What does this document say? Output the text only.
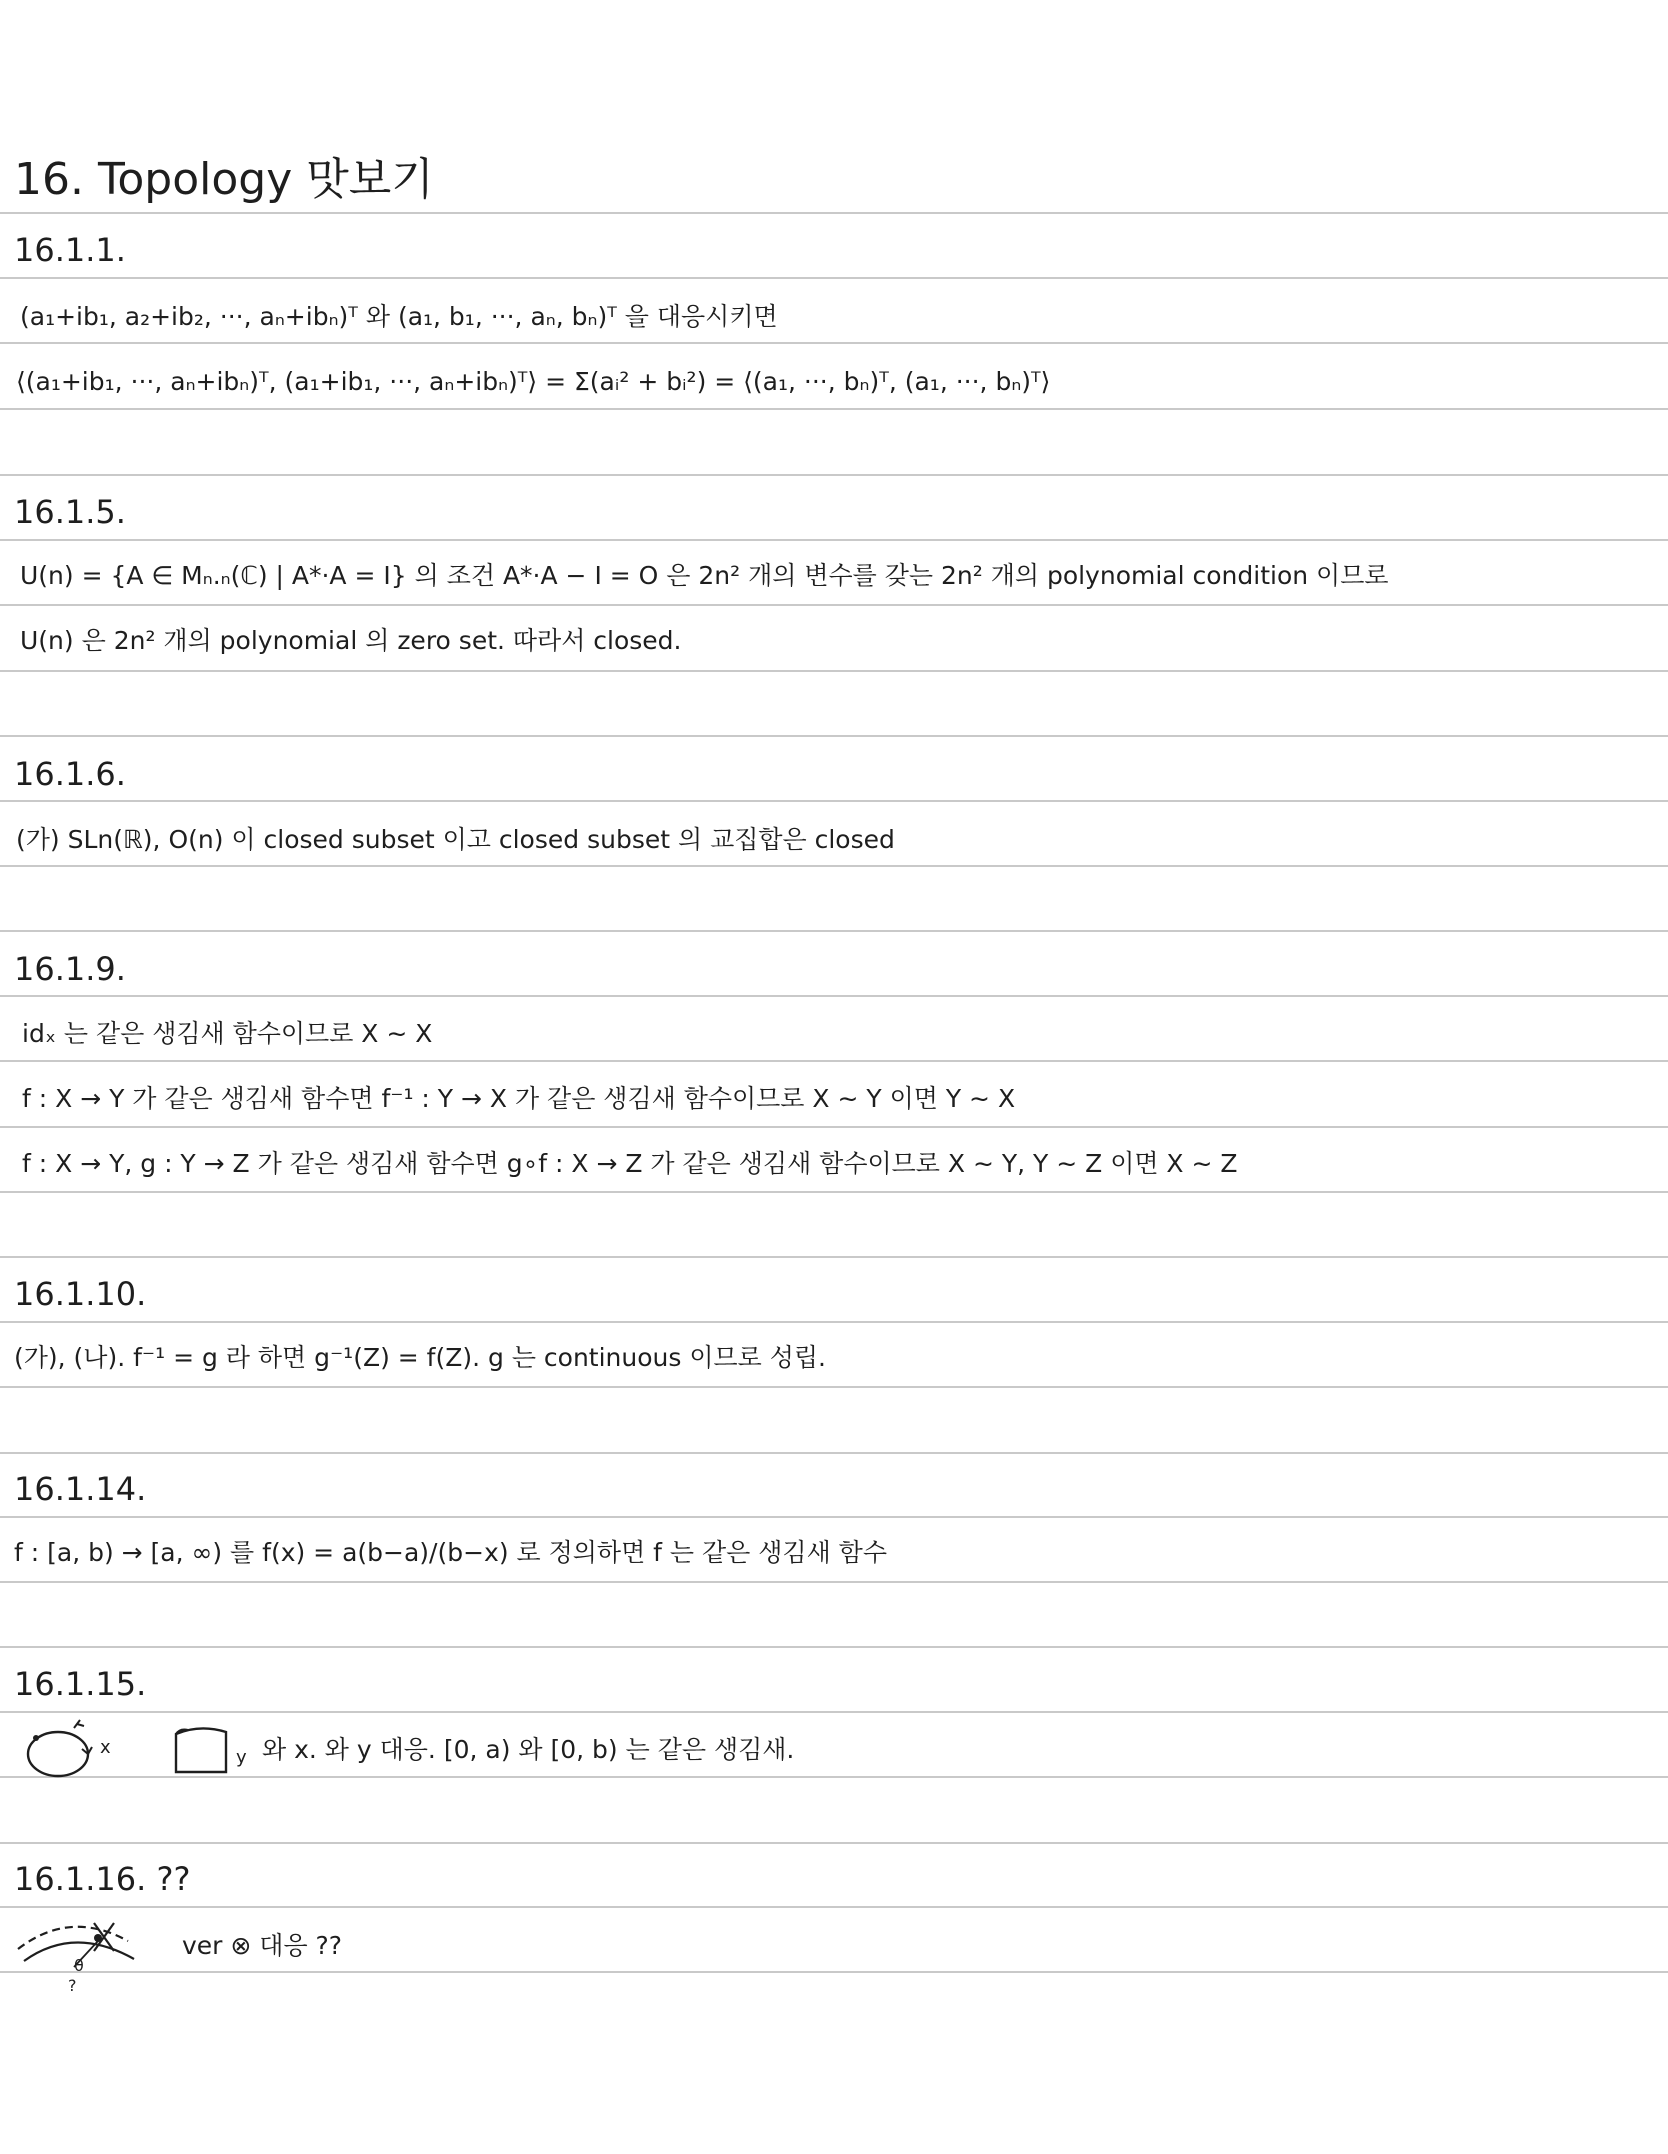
16. Topology 맛보기
16.1.1.
(a₁+ib₁, a₂+ib₂, ···, aₙ+ibₙ)ᵀ 와 (a₁, b₁, ···, aₙ, bₙ)ᵀ 을 대응시키면
⟨(a₁+ib₁, ···, aₙ+ibₙ)ᵀ, (a₁+ib₁, ···, aₙ+ibₙ)ᵀ⟩ = Σ(aᵢ² + bᵢ²) = ⟨(a₁, ···, bₙ)ᵀ, (a₁, ···, bₙ)ᵀ⟩
16.1.5.
U(n) = {A ∈ Mₙ.ₙ(ℂ) | A*·A = I} 의 조건 A*·A − I = O 은 2n² 개의 변수를 갖는 2n² 개의 polynomial condition 이므로
U(n) 은 2n² 개의 polynomial 의 zero set. 따라서 closed.
16.1.6.
(가) SLn(ℝ), O(n) 이 closed subset 이고 closed subset 의 교집합은 closed
16.1.9.
idₓ 는 같은 생김새 함수이므로 X ∼ X
f : X → Y 가 같은 생김새 함수면 f⁻¹ : Y → X 가 같은 생김새 함수이므로 X ∼ Y 이면 Y ∼ X
f : X → Y, g : Y → Z 가 같은 생김새 함수면 g∘f : X → Z 가 같은 생김새 함수이므로 X ∼ Y, Y ∼ Z 이면 X ∼ Z
16.1.10.
(가), (나). f⁻¹ = g 라 하면 g⁻¹(Z) = f(Z). g 는 continuous 이므로 성립.
16.1.14.
f : [a, b) → [a, ∞) 를 f(x) = a(b−a)/(b−x) 로 정의하면 f 는 같은 생김새 함수
16.1.15.
x	y 와 x. 와 y 대응. [0, a) 와 [0, b) 는 같은 생김새.
16.1.16. ??
θ
?
ver ⊗ 대응 ??
